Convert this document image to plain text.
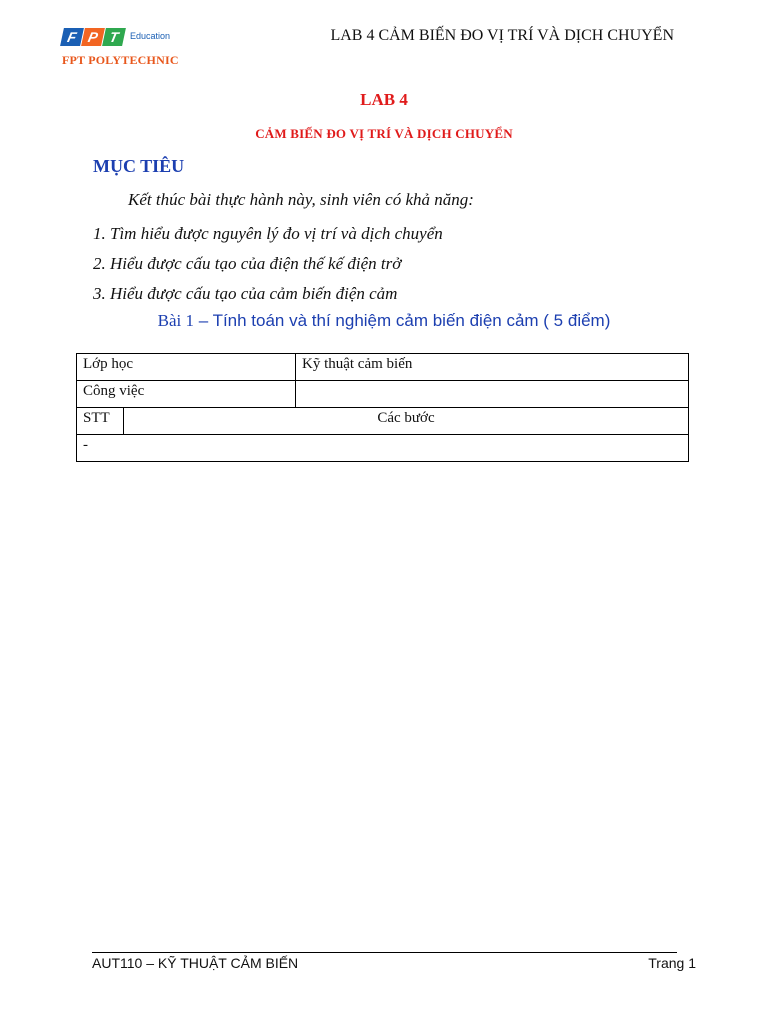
F P T	Education
FPT POLYTECHNIC
LAB 4 CẢM BIẾN ĐO VỊ TRÍ VÀ DỊCH CHUYỂN
LAB 4
CẢM BIẾN ĐO VỊ TRÍ VÀ DỊCH CHUYỂN
MỤC TIÊU
Kết thúc bài thực hành này, sinh viên có khả năng:
1. Tìm hiểu được nguyên lý đo vị trí và dịch chuyển
2. Hiểu được cấu tạo của điện thế kế điện trở
3. Hiểu được cấu tạo của cảm biến điện cảm
Bài 1 – Tính toán và thí nghiệm cảm biến điện cảm ( 5 điểm)
Lớp học		Kỹ thuật cảm biến
Công việc		
STT	Các bước	
-		
AUT110 – KỸ THUẬT CẢM BIẾN	Trang 1
